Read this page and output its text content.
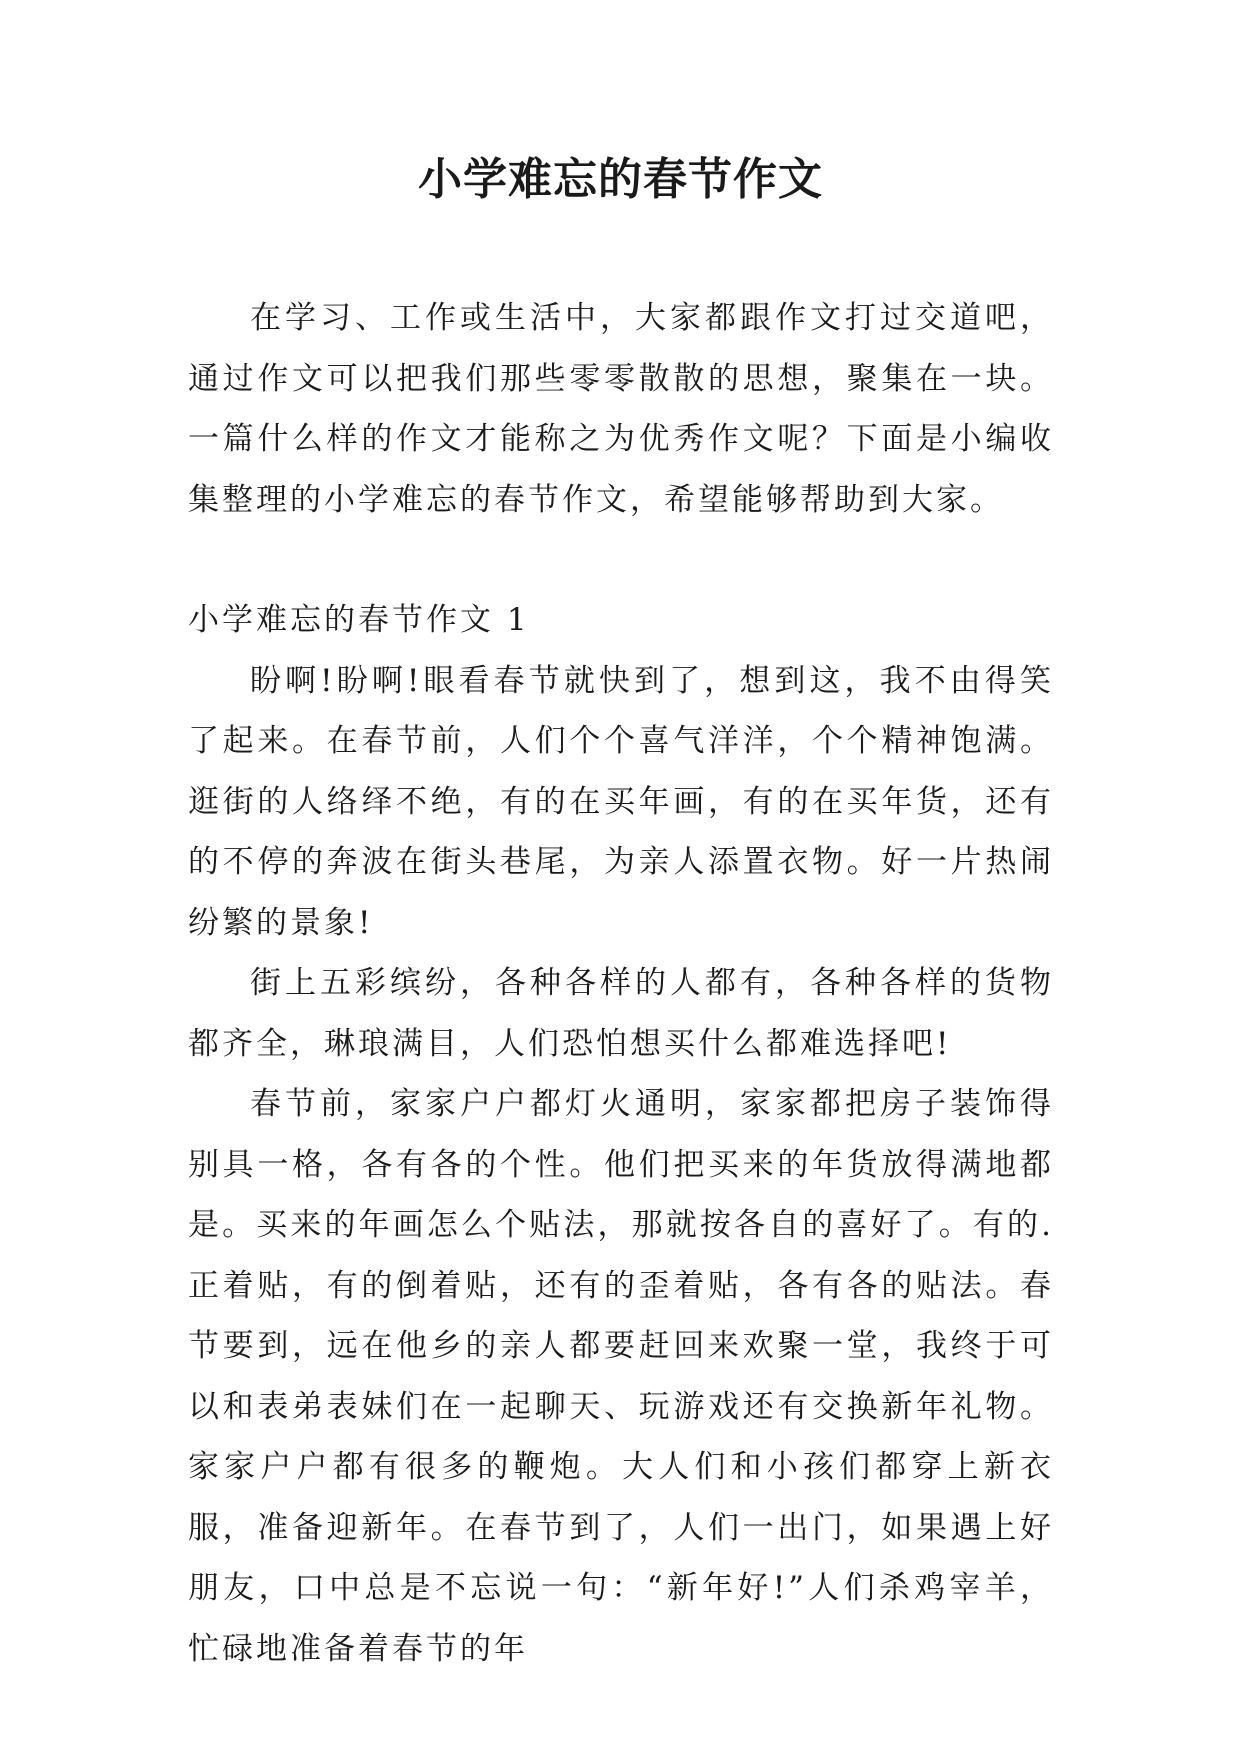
小学难忘的春节作文

在学习、工作或生活中，大家都跟作文打过交道吧，通过作文可以把我们那些零零散散的思想，聚集在一块。一篇什么样的作文才能称之为优秀作文呢？下面是小编收集整理的小学难忘的春节作文，希望能够帮助到大家。

小学难忘的春节作文 1

盼啊!盼啊!眼看春节就快到了，想到这，我不由得笑了起来。在春节前，人们个个喜气洋洋，个个精神饱满。逛街的人络绎不绝，有的在买年画，有的在买年货，还有的不停的奔波在街头巷尾，为亲人添置衣物。好一片热闹纷繁的景象!

街上五彩缤纷，各种各样的人都有，各种各样的货物都齐全，琳琅满目，人们恐怕想买什么都难选择吧!

春节前，家家户户都灯火通明，家家都把房子装饰得别具一格，各有各的个性。他们把买来的年货放得满地都是。买来的年画怎么个贴法，那就按各自的喜好了。有的.正着贴，有的倒着贴，还有的歪着贴，各有各的贴法。春节要到，远在他乡的亲人都要赶回来欢聚一堂，我终于可以和表弟表妹们在一起聊天、玩游戏还有交换新年礼物。家家户户都有很多的鞭炮。大人们和小孩们都穿上新衣服，准备迎新年。在春节到了，人们一出门，如果遇上好朋友，口中总是不忘说一句：“新年好!”人们杀鸡宰羊，忙碌地准备着春节的年
